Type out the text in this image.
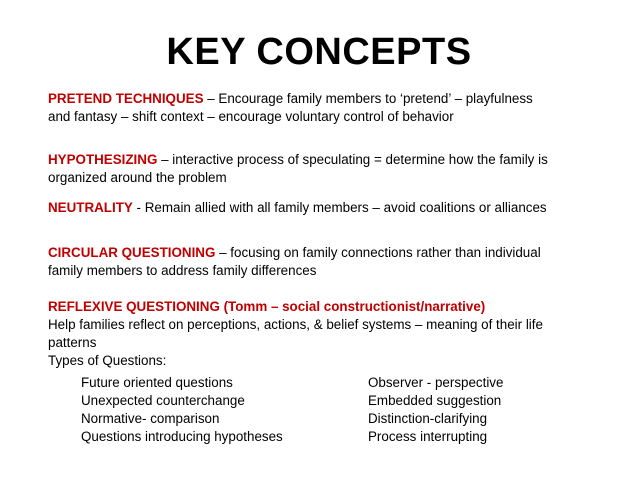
KEY CONCEPTS
PRETEND TECHNIQUES – Encourage family members to ‘pretend’ – playfulness and fantasy – shift context – encourage voluntary control of behavior
HYPOTHESIZING – interactive process of speculating = determine how the family is organized around the problem
NEUTRALITY - Remain allied with all family members – avoid coalitions or alliances
CIRCULAR QUESTIONING – focusing on family connections rather than individual family members to address family differences
REFLEXIVE QUESTIONING (Tomm – social constructionist/narrative)
Help families reflect on perceptions, actions, & belief systems – meaning of their life patterns
Types of Questions:
Future oriented questions
Unexpected counterchange
Normative- comparison
Questions introducing hypotheses
Observer - perspective
Embedded suggestion
Distinction-clarifying
Process interrupting
